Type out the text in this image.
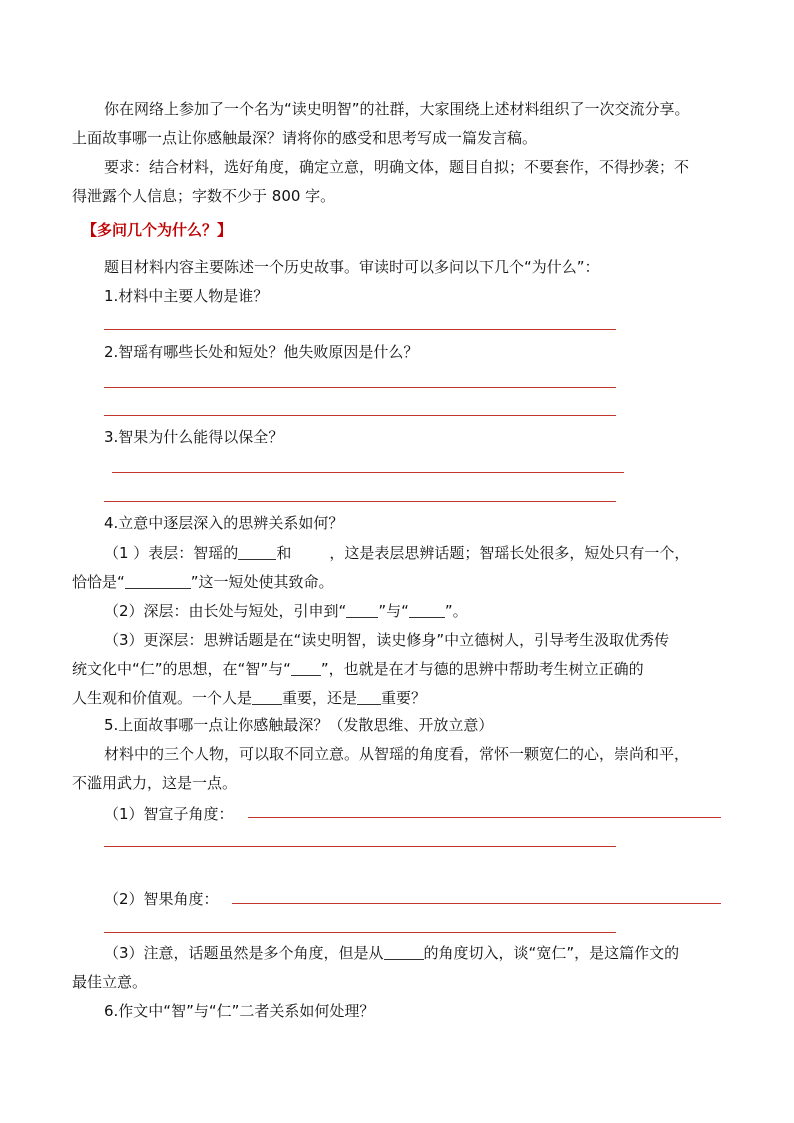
你在网络上参加了一个名为“读史明智”的社群，大家围绕上述材料组织了一次交流分享。

上面故事哪一点让你感触最深？请将你的感受和思考写成一篇发言稿。

要求：结合材料，选好角度，确定立意，明确文体，题目自拟；不要套作，不得抄袭；不

得泄露个人信息；字数不少于 800 字。

【多问几个为什么？】

题目材料内容主要陈述一个历史故事。审读时可以多问以下几个“为什么”：

1.材料中主要人物是谁？

2.智瑶有哪些长处和短处？他失败原因是什么？

3.智果为什么能得以保全？

4.立意中逐层深入的思辨关系如何？

（1 ）表层：智瑶的	和	，这是表层思辨话题；智瑶长处很多，短处只有一个，

恰恰是“	”这一短处使其致命。

（2）深层：由长处与短处，引申到“ ”与“ ”。

（3）更深层：思辨话题是在“读史明智，读史修身”中立德树人，引导考生汲取优秀传

统文化中“仁”的思想，在“智”与“ ”，也就是在才与德的思辨中帮助考生树立正确的

人生观和价值观。一个人是 重要，还是 重要？

5.上面故事哪一点让你感触最深？（发散思维、开放立意）

材料中的三个人物，可以取不同立意。从智瑶的角度看，常怀一颗宽仁的心，崇尚和平，

不滥用武力，这是一点。

（1）智宣子角度：

（2）智果角度：

（3）注意，话题虽然是多个角度，但是从	的角度切入，谈“宽仁”，是这篇作文的

最佳立意。

6.作文中“智”与“仁”二者关系如何处理？
